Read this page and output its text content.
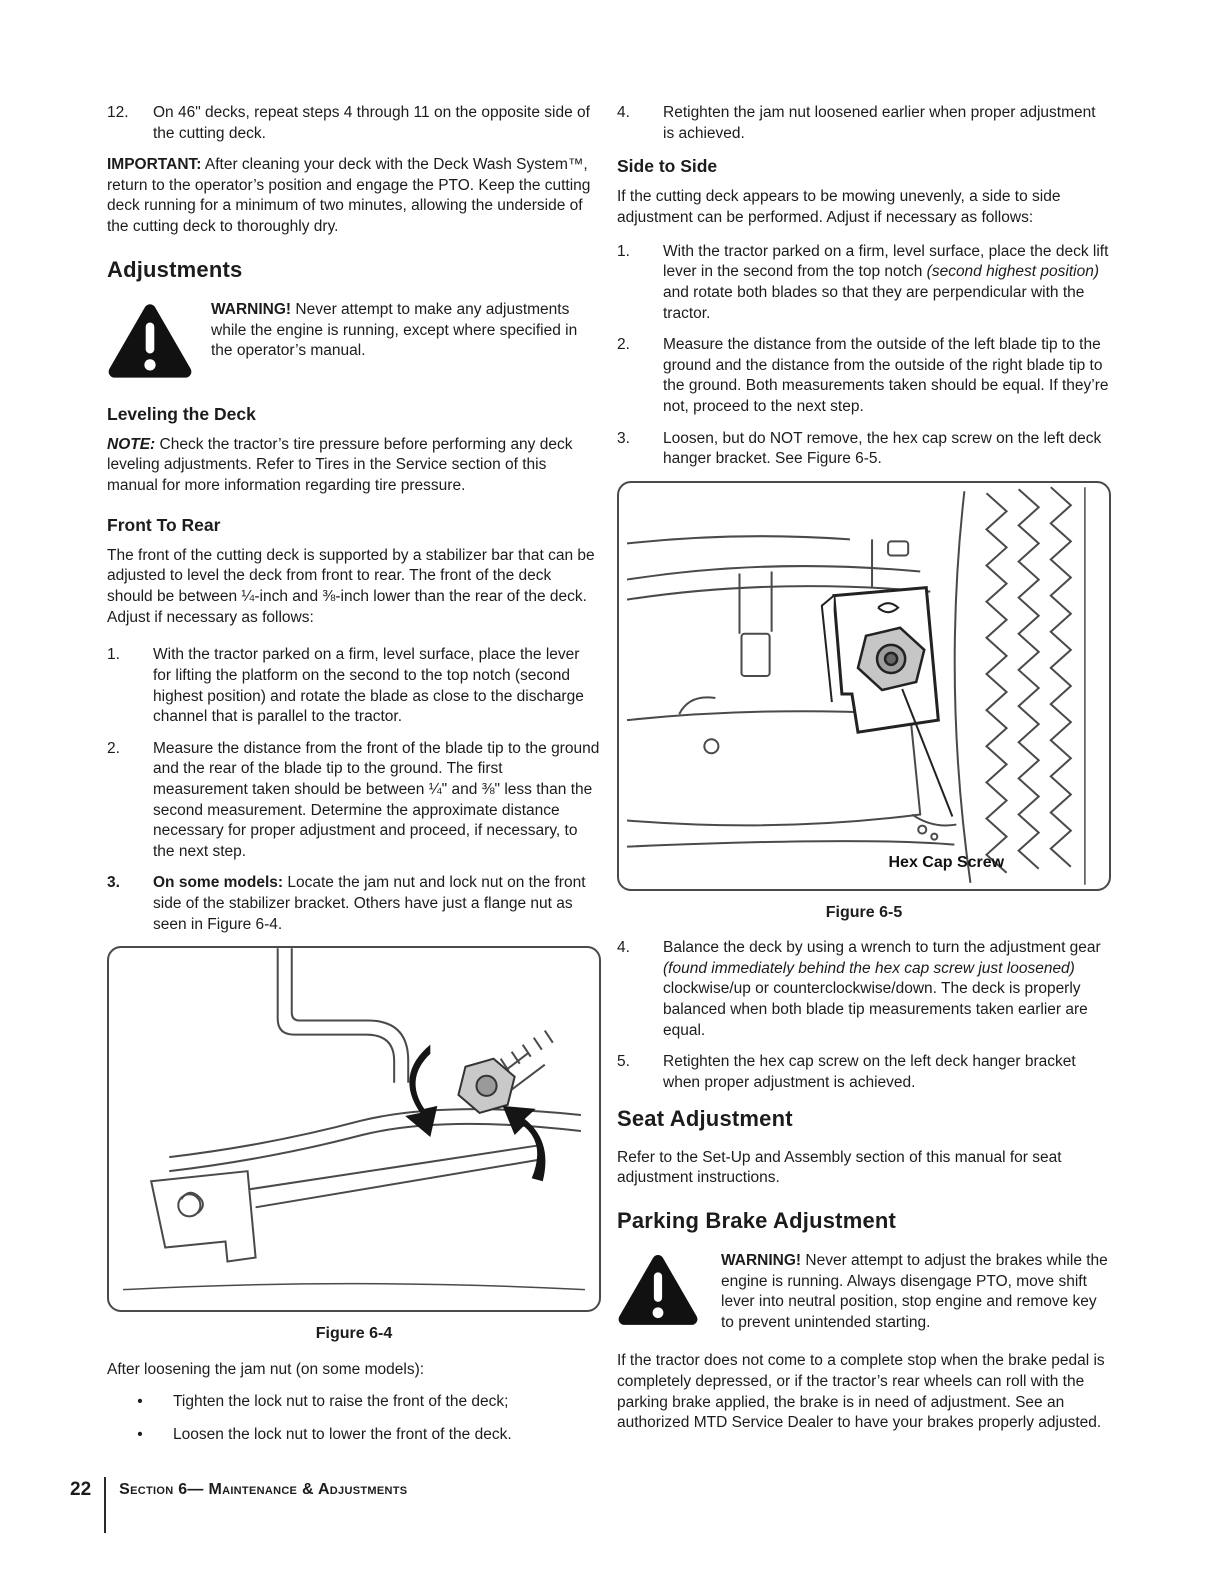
12.	On 46" decks, repeat steps 4 through 11 on the opposite side of the cutting deck.

IMPORTANT: After cleaning your deck with the Deck Wash System™, return to the operator’s position and engage the PTO. Keep the cutting deck running for a minimum of two minutes, allowing the underside of the cutting deck to thoroughly dry.

Adjustments

WARNING! Never attempt to make any adjustments while the engine is running, except where specified in the operator’s manual.

Leveling the Deck

NOTE: Check the tractor’s tire pressure before performing any deck leveling adjustments. Refer to Tires in the Service section of this manual for more information regarding tire pressure.

Front To Rear

The front of the cutting deck is supported by a stabilizer bar that can be adjusted to level the deck from front to rear. The front of the deck should be between ¼-inch and ⅜-inch lower than the rear of the deck. Adjust if necessary as follows:

1.	With the tractor parked on a firm, level surface, place the lever for lifting the platform on the second to the top notch (second highest position) and rotate the blade as close to the discharge channel that is parallel to the tractor.
2.	Measure the distance from the front of the blade tip to the ground and the rear of the blade tip to the ground. The first measurement taken should be between ¼" and ⅜" less than the second measurement. Determine the approximate distance necessary for proper adjustment and proceed, if necessary, to the next step.
3.	On some models: Locate the jam nut and lock nut on the front side of the stabilizer bracket. Others have just a flange nut as seen in Figure 6-4.
Figure 6-4

After loosening the jam nut (on some models):

•	Tighten the lock nut to raise the front of the deck;
•	Loosen the lock nut to lower the front of the deck.
4.	Retighten the jam nut loosened earlier when proper adjustment is achieved.
Side to Side

If the cutting deck appears to be mowing unevenly, a side to side adjustment can be performed. Adjust if necessary as follows:

1.	With the tractor parked on a firm, level surface, place the deck lift lever in the second from the top notch (second highest position) and rotate both blades so that they are perpendicular with the tractor.
2.	Measure the distance from the outside of the left blade tip to the ground and the distance from the outside of the right blade tip to the ground. Both measurements taken should be equal. If they’re not, proceed to the next step.
3.	Loosen, but do NOT remove, the hex cap screw on the left deck hanger bracket. See Figure 6-5.
Hex Cap Screw
Figure 6-5
4.	Balance the deck by using a wrench to turn the adjustment gear (found immediately behind the hex cap screw just loosened) clockwise/up or counterclockwise/down. The deck is properly balanced when both blade tip measurements taken earlier are equal.
5.	Retighten the hex cap screw on the left deck hanger bracket when proper adjustment is achieved.
Seat Adjustment

Refer to the Set-Up and Assembly section of this manual for seat adjustment instructions.

Parking Brake Adjustment

WARNING! Never attempt to adjust the brakes while the engine is running. Always disengage PTO, move shift lever into neutral position, stop engine and remove key to prevent unintended starting.

If the tractor does not come to a complete stop when the brake pedal is completely depressed, or if the tractor’s rear wheels can roll with the parking brake applied, the brake is in need of adjustment. See an authorized MTD Service Dealer to have your brakes properly adjusted.

22 Section 6— Maintenance & Adjustments
